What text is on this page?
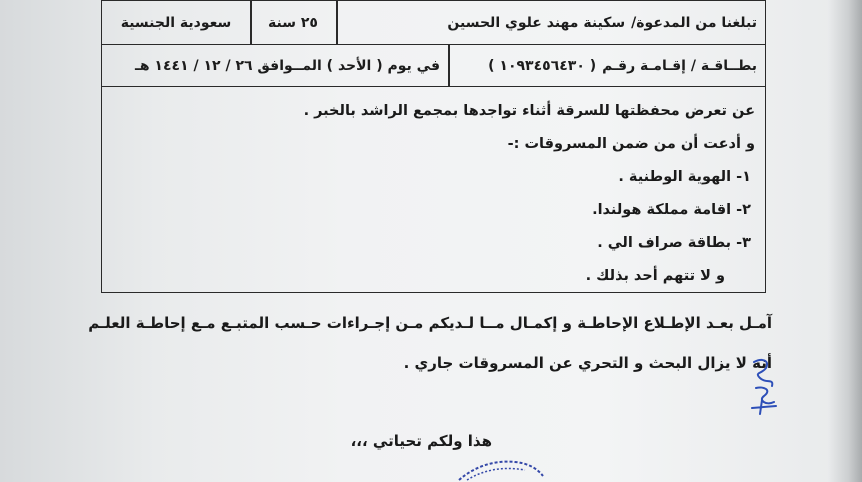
سعودية الجنسية	٢٥ سنة	تبلغنا من المدعوة/
سكينة مهند علوي الحسين
في يوم ( الأحد ) المــوافق ٢٦ / ١٢ / ١٤٤١ هـ	بطــاقـة / إقـامـة رقـم
( ١٠٩٣٤٥٦٤٣٠ )
عن تعرض محفظتها للسرقة أثناء تواجدها بمجمع الراشد بالخبر .
و أدعت أن من ضمن المسروقات :-
١- الهوية الوطنية .
٢- اقامة مملكة هولندا.
٣- بطاقة صراف الي .
و لا تتهم أحد بذلك .
آمـل بعـد الإطـلاع الإحاطـة و إكمـال مــا لـديكم مـن إجـراءات حـسب المتبـع مـع إحاطـة العلـم
أنه لا يزال البحث و التحري عن المسروقات جاري .
هذا ولكم تحياتي ،،،
